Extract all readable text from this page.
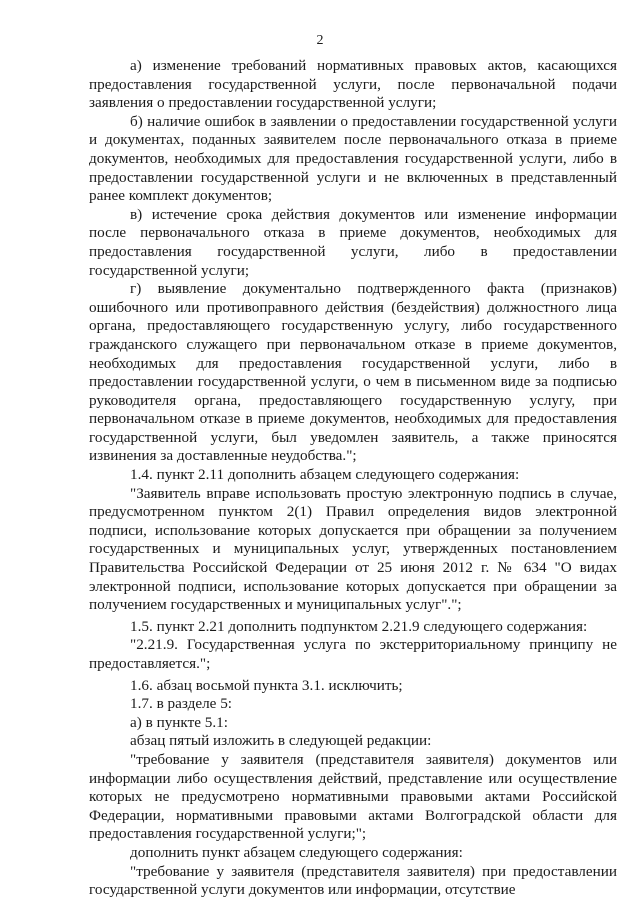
2

а) изменение требований нормативных правовых актов, касающихся предоставления государственной услуги, после первоначальной подачи заявления о предоставлении государственной услуги;

б) наличие ошибок в заявлении о предоставлении государственной услуги и документах, поданных заявителем после первоначального отказа в приеме документов, необходимых для предоставления государственной услуги, либо в предоставлении государственной услуги и не включенных в представленный ранее комплект документов;

в) истечение срока действия документов или изменение информации после первоначального отказа в приеме документов, необходимых для предоставления государственной услуги, либо в предоставлении государственной услуги;

г) выявление документально подтвержденного факта (признаков) ошибочного или противоправного действия (бездействия) должностного лица органа, предоставляющего государственную услугу, либо государственного гражданского служащего при первоначальном отказе в приеме документов, необходимых для предоставления государственной услуги, либо в предоставлении государственной услуги, о чем в письменном виде за подписью руководителя органа, предоставляющего государственную услугу, при первоначальном отказе в приеме документов, необходимых для предоставления государственной услуги, был уведомлен заявитель, а также приносятся извинения за доставленные неудобства.";

1.4. пункт 2.11 дополнить абзацем следующего содержания:

"Заявитель вправе использовать простую электронную подпись в случае, предусмотренном пунктом 2(1) Правил определения видов электронной подписи, использование которых допускается при обращении за получением государственных и муниципальных услуг, утвержденных постановлением Правительства Российской Федерации от 25 июня 2012 г. № 634 "О видах электронной подписи, использование которых допускается при обращении за получением государственных и муниципальных услуг".";

1.5. пункт 2.21 дополнить подпунктом 2.21.9 следующего содержания:

"2.21.9. Государственная услуга по экстерриториальному принципу не предоставляется.";

1.6. абзац восьмой пункта 3.1. исключить;

1.7. в разделе 5:

а) в пункте 5.1:

абзац пятый изложить в следующей редакции:

"требование у заявителя (представителя заявителя) документов или информации либо осуществления действий, представление или осуществление которых не предусмотрено нормативными правовыми актами Российской Федерации, нормативными правовыми актами Волгоградской области для предоставления государственной услуги;";

дополнить пункт абзацем следующего содержания:

"требование у заявителя (представителя заявителя) при предоставлении государственной услуги документов или информации, отсутствие
